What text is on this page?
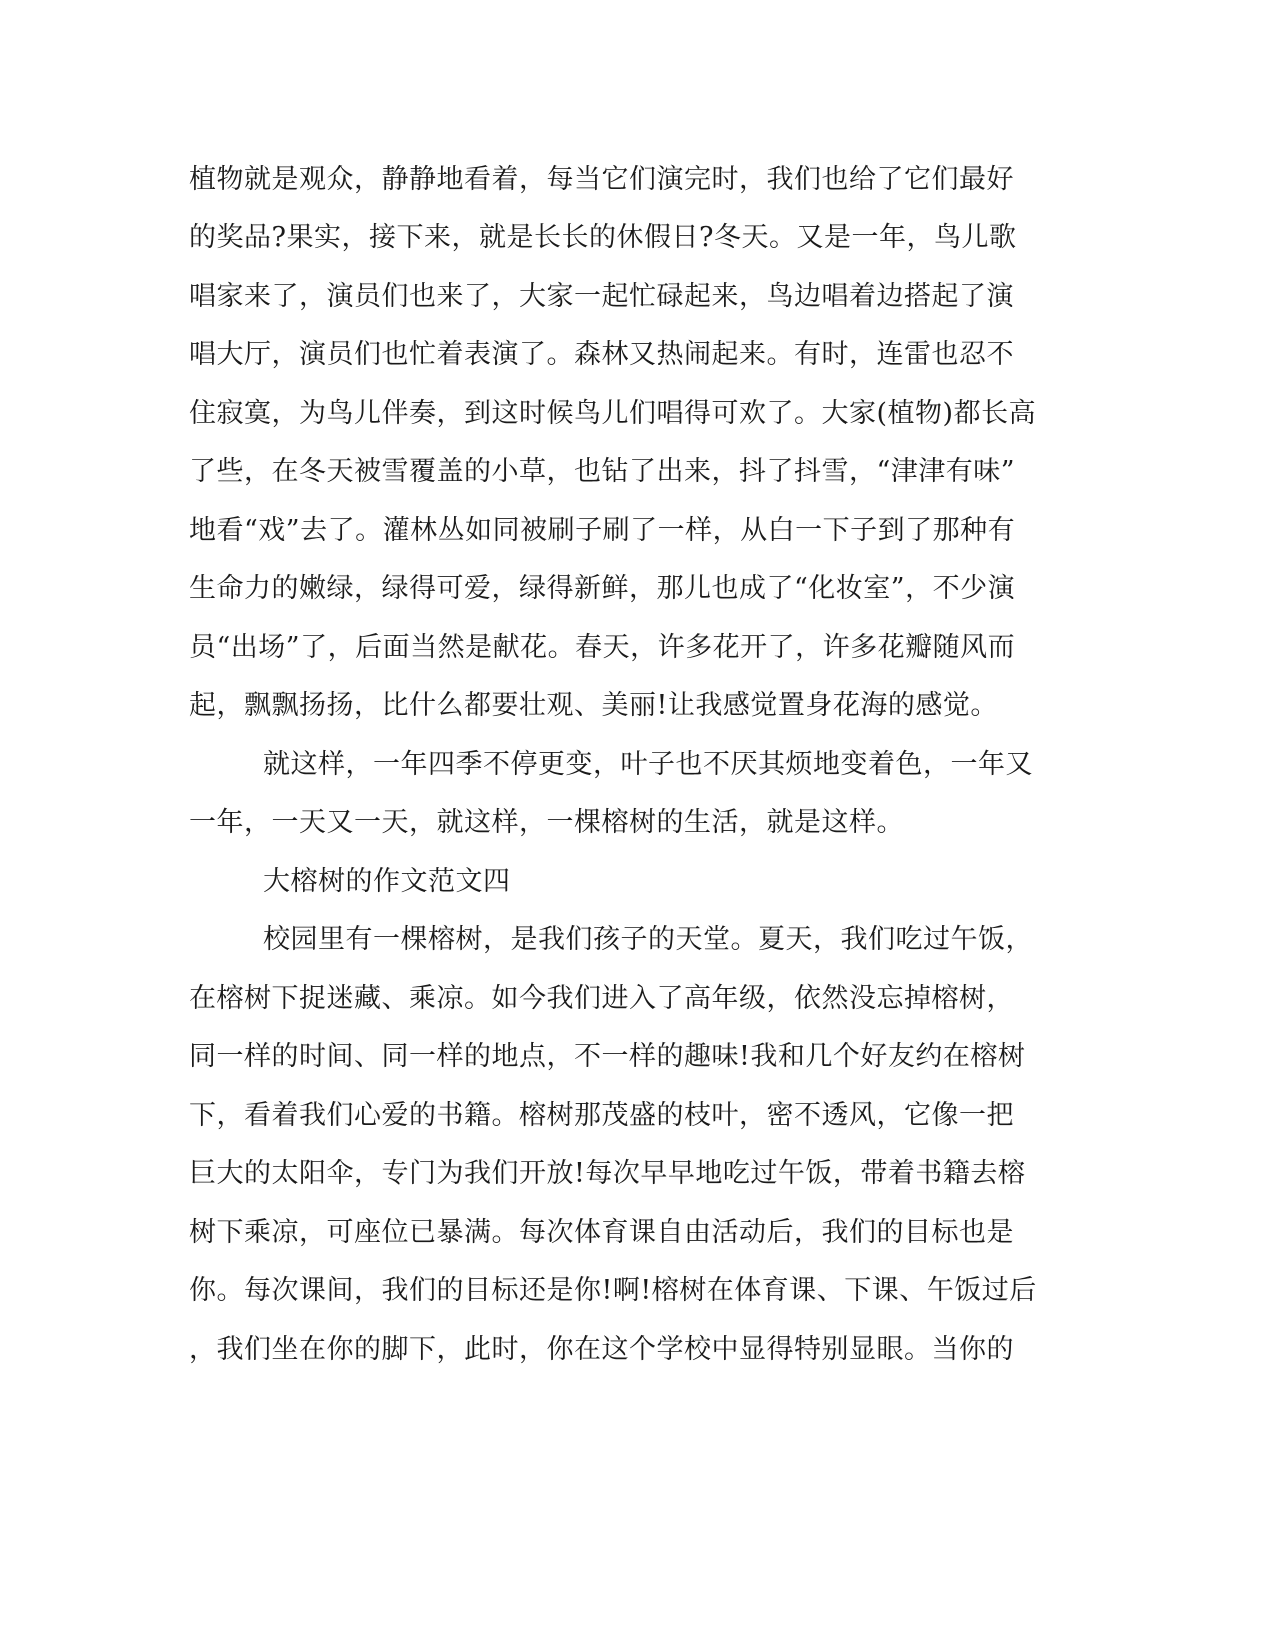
植物就是观众，静静地看着，每当它们演完时，我们也给了它们最好
的奖品?果实，接下来，就是长长的休假日?冬天。又是一年，鸟儿歌
唱家来了，演员们也来了，大家一起忙碌起来，鸟边唱着边搭起了演
唱大厅，演员们也忙着表演了。森林又热闹起来。有时，连雷也忍不
住寂寞，为鸟儿伴奏，到这时候鸟儿们唱得可欢了。大家(植物)都长高
了些，在冬天被雪覆盖的小草，也钻了出来，抖了抖雪，“津津有味”
地看“戏”去了。灌林丛如同被刷子刷了一样，从白一下子到了那种有
生命力的嫩绿，绿得可爱，绿得新鲜，那儿也成了“化妆室”，不少演
员“出场”了，后面当然是献花。春天，许多花开了，许多花瓣随风而
起，飘飘扬扬，比什么都要壮观、美丽!让我感觉置身花海的感觉。
就这样，一年四季不停更变，叶子也不厌其烦地变着色，一年又
一年，一天又一天，就这样，一棵榕树的生活，就是这样。
大榕树的作文范文四
校园里有一棵榕树，是我们孩子的天堂。夏天，我们吃过午饭，
在榕树下捉迷藏、乘凉。如今我们进入了高年级，依然没忘掉榕树，
同一样的时间、同一样的地点，不一样的趣味!我和几个好友约在榕树
下，看着我们心爱的书籍。榕树那茂盛的枝叶，密不透风，它像一把
巨大的太阳伞，专门为我们开放!每次早早地吃过午饭，带着书籍去榕
树下乘凉，可座位已暴满。每次体育课自由活动后，我们的目标也是
你。每次课间，我们的目标还是你!啊!榕树在体育课、下课、午饭过后
，我们坐在你的脚下，此时，你在这个学校中显得特别显眼。当你的
